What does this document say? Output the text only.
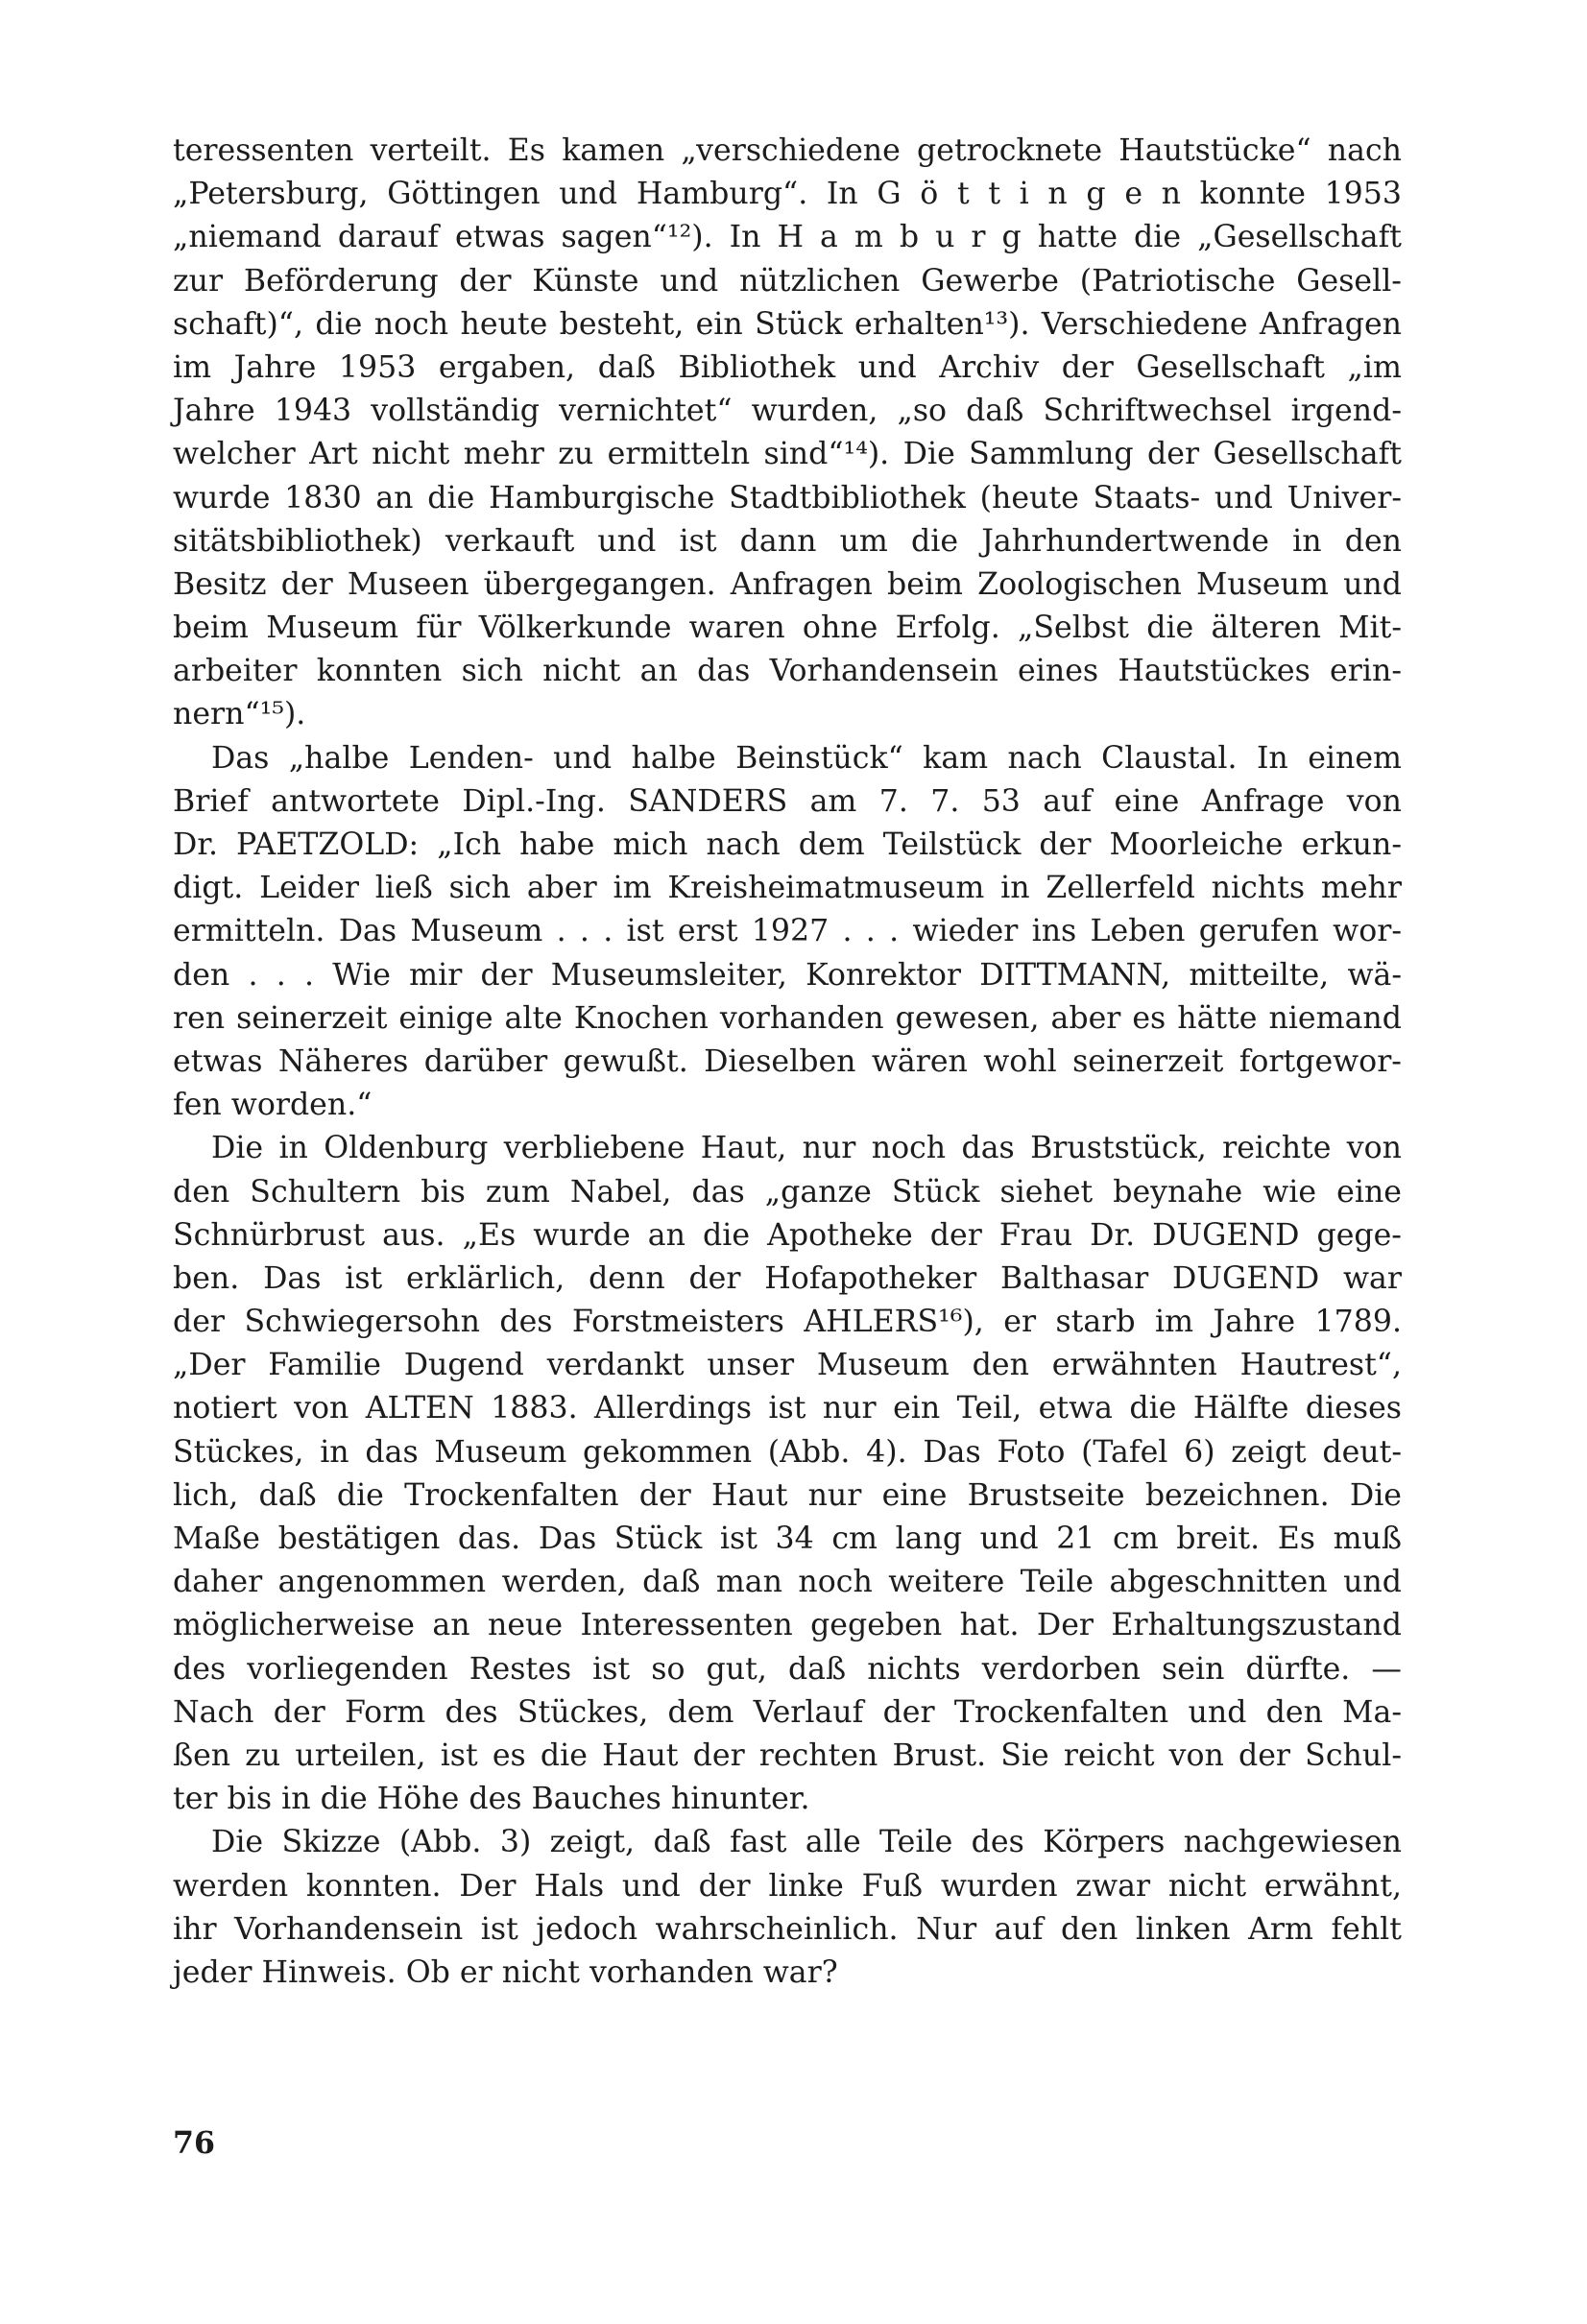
teressenten verteilt. Es kamen „verschiedene getrocknete Hautstücke“ nach
„Petersburg, Göttingen und Hamburg“. In G ö t t i n g e n konnte 1953
„niemand darauf etwas sagen“¹²). In H a m b u r g hatte die „Gesellschaft
zur Beförderung der Künste und nützlichen Gewerbe (Patriotische Gesell-
schaft)“, die noch heute besteht, ein Stück erhalten¹³). Verschiedene Anfragen
im Jahre 1953 ergaben, daß Bibliothek und Archiv der Gesellschaft „im
Jahre 1943 vollständig vernichtet“ wurden, „so daß Schriftwechsel irgend-
welcher Art nicht mehr zu ermitteln sind“¹⁴). Die Sammlung der Gesellschaft
wurde 1830 an die Hamburgische Stadtbibliothek (heute Staats- und Univer-
sitätsbibliothek) verkauft und ist dann um die Jahrhundertwende in den
Besitz der Museen übergegangen. Anfragen beim Zoologischen Museum und
beim Museum für Völkerkunde waren ohne Erfolg. „Selbst die älteren Mit-
arbeiter konnten sich nicht an das Vorhandensein eines Hautstückes erin-
nern“¹⁵).
Das „halbe Lenden- und halbe Beinstück“ kam nach Claustal. In einem
Brief antwortete Dipl.-Ing. SANDERS am 7. 7. 53 auf eine Anfrage von
Dr. PAETZOLD: „Ich habe mich nach dem Teilstück der Moorleiche erkun-
digt. Leider ließ sich aber im Kreisheimatmuseum in Zellerfeld nichts mehr
ermitteln. Das Museum . . . ist erst 1927 . . . wieder ins Leben gerufen wor-
den . . . Wie mir der Museumsleiter, Konrektor DITTMANN, mitteilte, wä-
ren seinerzeit einige alte Knochen vorhanden gewesen, aber es hätte niemand
etwas Näheres darüber gewußt. Dieselben wären wohl seinerzeit fortgewor-
fen worden.“
Die in Oldenburg verbliebene Haut, nur noch das Bruststück, reichte von
den Schultern bis zum Nabel, das „ganze Stück siehet beynahe wie eine
Schnürbrust aus. „Es wurde an die Apotheke der Frau Dr. DUGEND gege-
ben. Das ist erklärlich, denn der Hofapotheker Balthasar DUGEND war
der Schwiegersohn des Forstmeisters AHLERS¹⁶), er starb im Jahre 1789.
„Der Familie Dugend verdankt unser Museum den erwähnten Hautrest“,
notiert von ALTEN 1883. Allerdings ist nur ein Teil, etwa die Hälfte dieses
Stückes, in das Museum gekommen (Abb. 4). Das Foto (Tafel 6) zeigt deut-
lich, daß die Trockenfalten der Haut nur eine Brustseite bezeichnen. Die
Maße bestätigen das. Das Stück ist 34 cm lang und 21 cm breit. Es muß
daher angenommen werden, daß man noch weitere Teile abgeschnitten und
möglicherweise an neue Interessenten gegeben hat. Der Erhaltungszustand
des vorliegenden Restes ist so gut, daß nichts verdorben sein dürfte. —
Nach der Form des Stückes, dem Verlauf der Trockenfalten und den Ma-
ßen zu urteilen, ist es die Haut der rechten Brust. Sie reicht von der Schul-
ter bis in die Höhe des Bauches hinunter.
Die Skizze (Abb. 3) zeigt, daß fast alle Teile des Körpers nachgewiesen
werden konnten. Der Hals und der linke Fuß wurden zwar nicht erwähnt,
ihr Vorhandensein ist jedoch wahrscheinlich. Nur auf den linken Arm fehlt
jeder Hinweis. Ob er nicht vorhanden war?
76
